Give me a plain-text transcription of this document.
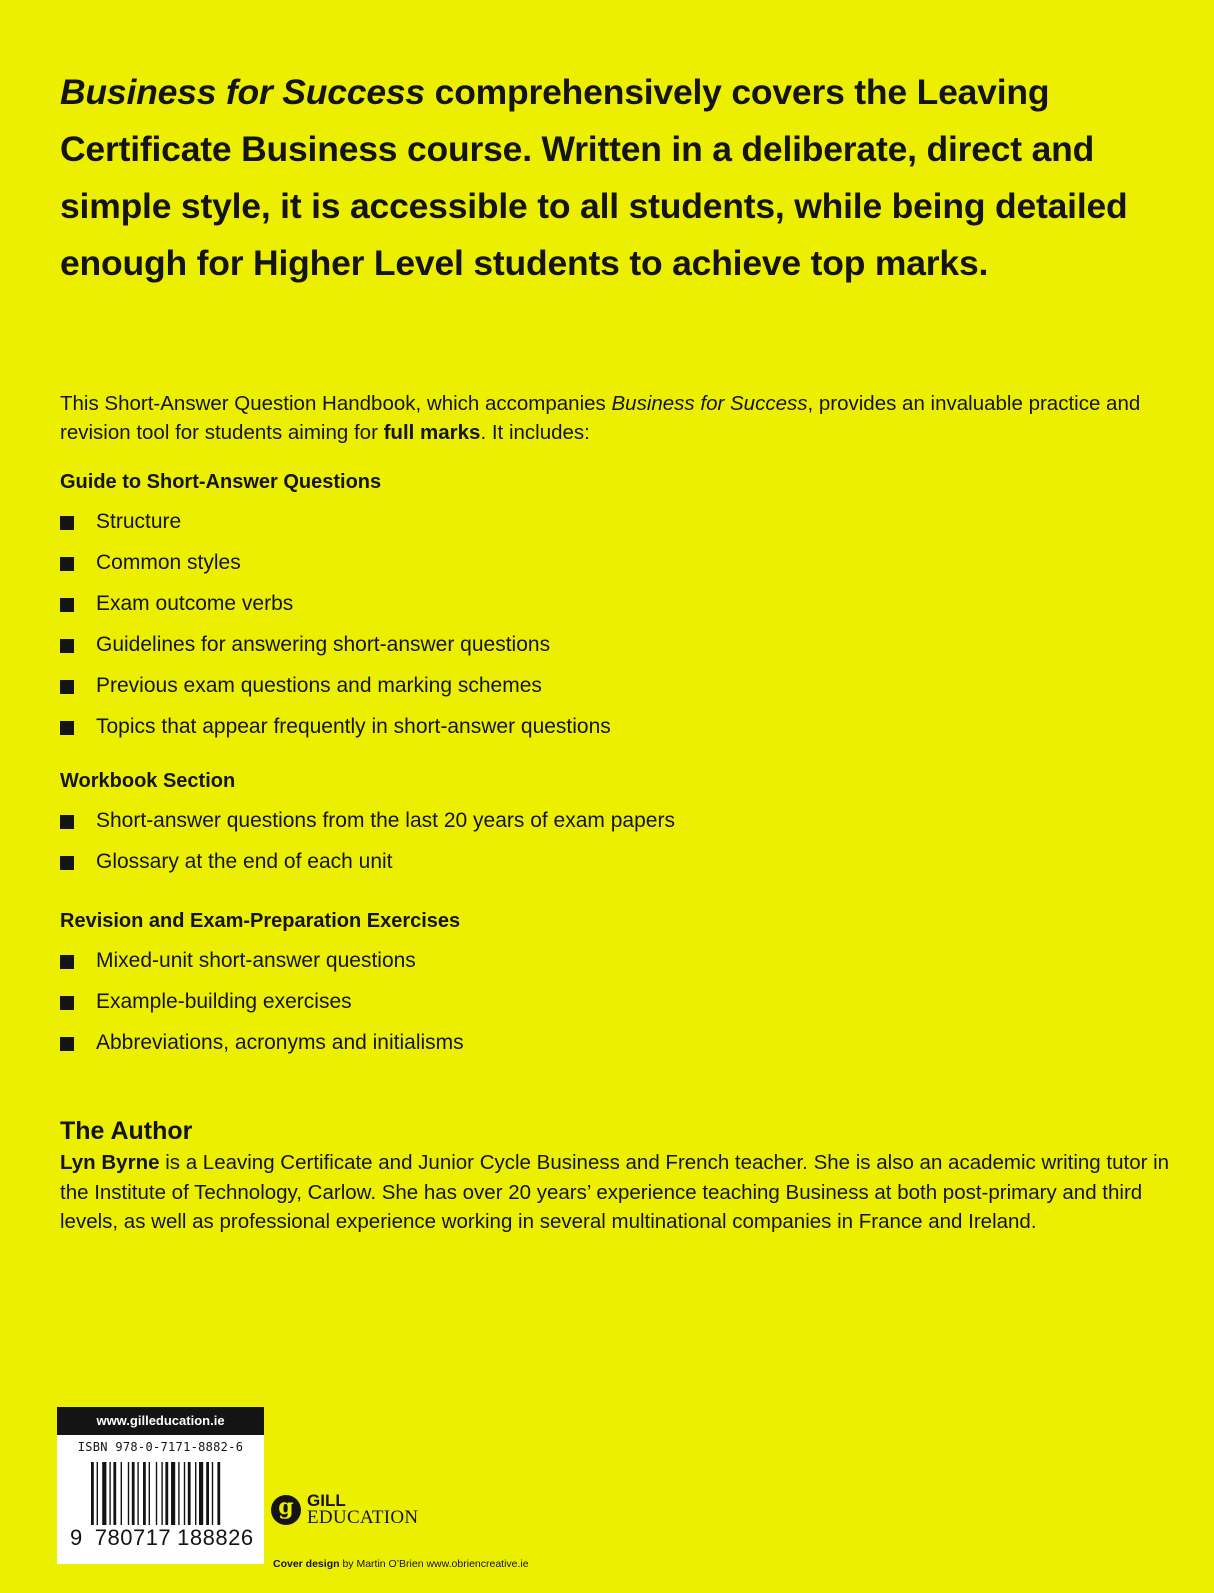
Business for Success comprehensively covers the Leaving Certificate Business course. Written in a deliberate, direct and simple style, it is accessible to all students, while being detailed enough for Higher Level students to achieve top marks.
This Short-Answer Question Handbook, which accompanies Business for Success, provides an invaluable practice and revision tool for students aiming for full marks. It includes:
Guide to Short-Answer Questions
Structure
Common styles
Exam outcome verbs
Guidelines for answering short-answer questions
Previous exam questions and marking schemes
Topics that appear frequently in short-answer questions
Workbook Section
Short-answer questions from the last 20 years of exam papers
Glossary at the end of each unit
Revision and Exam-Preparation Exercises
Mixed-unit short-answer questions
Example-building exercises
Abbreviations, acronyms and initialisms
The Author

Lyn Byrne is a Leaving Certificate and Junior Cycle Business and French teacher. She is also an academic writing tutor in the Institute of Technology, Carlow. She has over 20 years’ experience teaching Business at both post-primary and third levels, as well as professional experience working in several multinational companies in France and Ireland.

www.gilleducation.ie
ISBN 978-0-7171-8882-6
9 780717 188826
g GILL
EDUCATION
Cover design by Martin O’Brien www.obriencreative.ie
